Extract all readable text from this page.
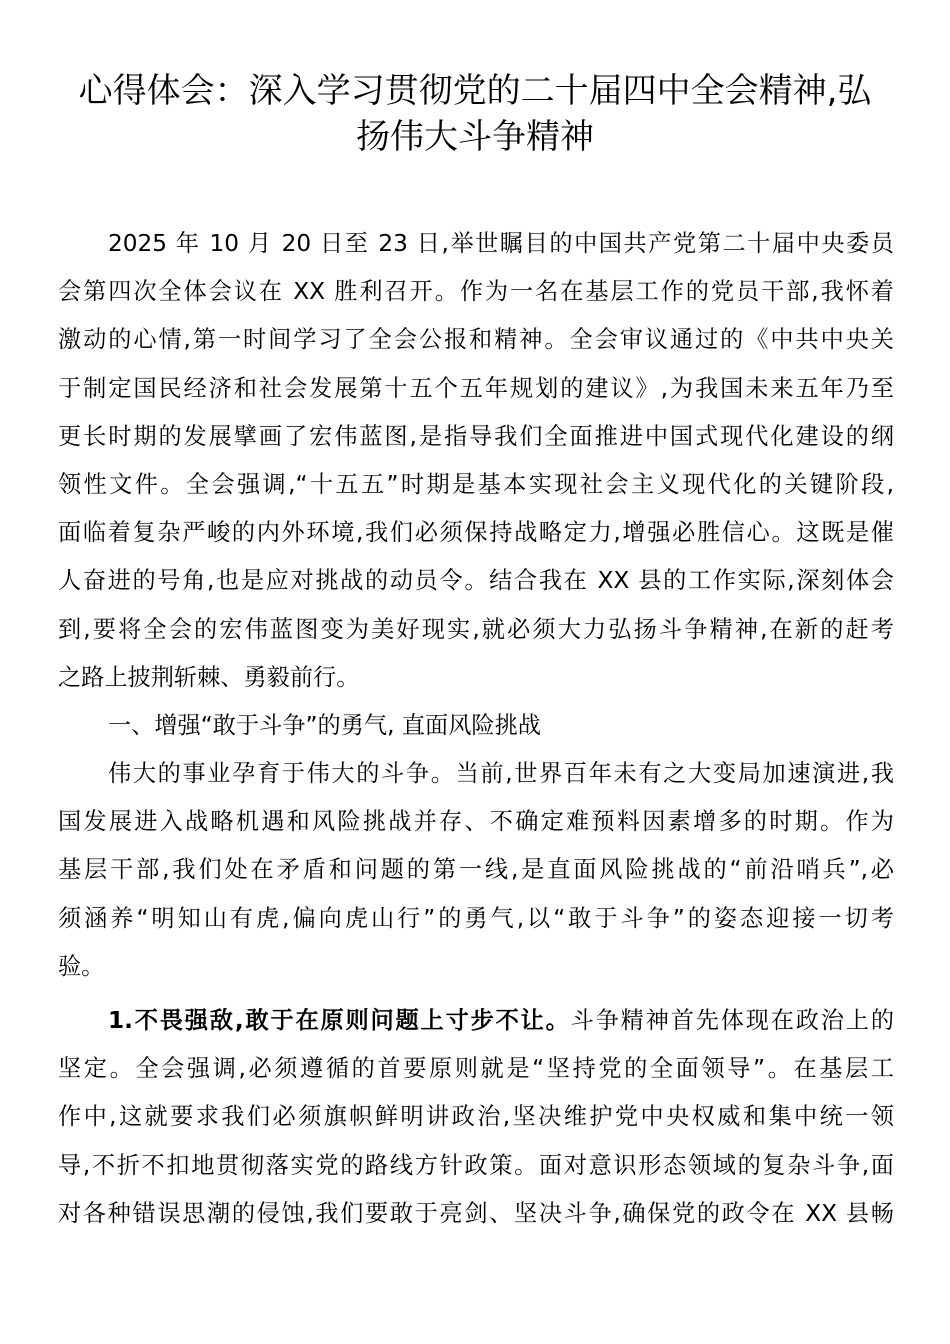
心得体会：深入学习贯彻党的二十届四中全会精神,弘
扬伟大斗争精神
2025 年 10 月 20 日至 23 日,举世瞩目的中国共产党第二十届中央委员
会第四次全体会议在 XX 胜利召开。作为一名在基层工作的党员干部,我怀着
激动的心情,第一时间学习了全会公报和精神。全会审议通过的《中共中央关
于制定国民经济和社会发展第十五个五年规划的建议》,为我国未来五年乃至
更长时期的发展擘画了宏伟蓝图,是指导我们全面推进中国式现代化建设的纲
领性文件。全会强调,“十五五”时期是基本实现社会主义现代化的关键阶段,
面临着复杂严峻的内外环境,我们必须保持战略定力,增强必胜信心。这既是催
人奋进的号角,也是应对挑战的动员令。结合我在 XX 县的工作实际,深刻体会
到,要将全会的宏伟蓝图变为美好现实,就必须大力弘扬斗争精神,在新的赶考
之路上披荆斩棘、勇毅前行。
一、增强“敢于斗争”的勇气, 直面风险挑战
伟大的事业孕育于伟大的斗争。当前,世界百年未有之大变局加速演进,我
国发展进入战略机遇和风险挑战并存、不确定难预料因素增多的时期。作为
基层干部,我们处在矛盾和问题的第一线,是直面风险挑战的“前沿哨兵”,必
须涵养“明知山有虎,偏向虎山行”的勇气,以“敢于斗争”的姿态迎接一切考
验。
1.不畏强敌,敢于在原则问题上寸步不让。斗争精神首先体现在政治上的
坚定。全会强调,必须遵循的首要原则就是“坚持党的全面领导”。在基层工
作中,这就要求我们必须旗帜鲜明讲政治,坚决维护党中央权威和集中统一领
导,不折不扣地贯彻落实党的路线方针政策。面对意识形态领域的复杂斗争,面
对各种错误思潮的侵蚀,我们要敢于亮剑、坚决斗争,确保党的政令在 XX 县畅
